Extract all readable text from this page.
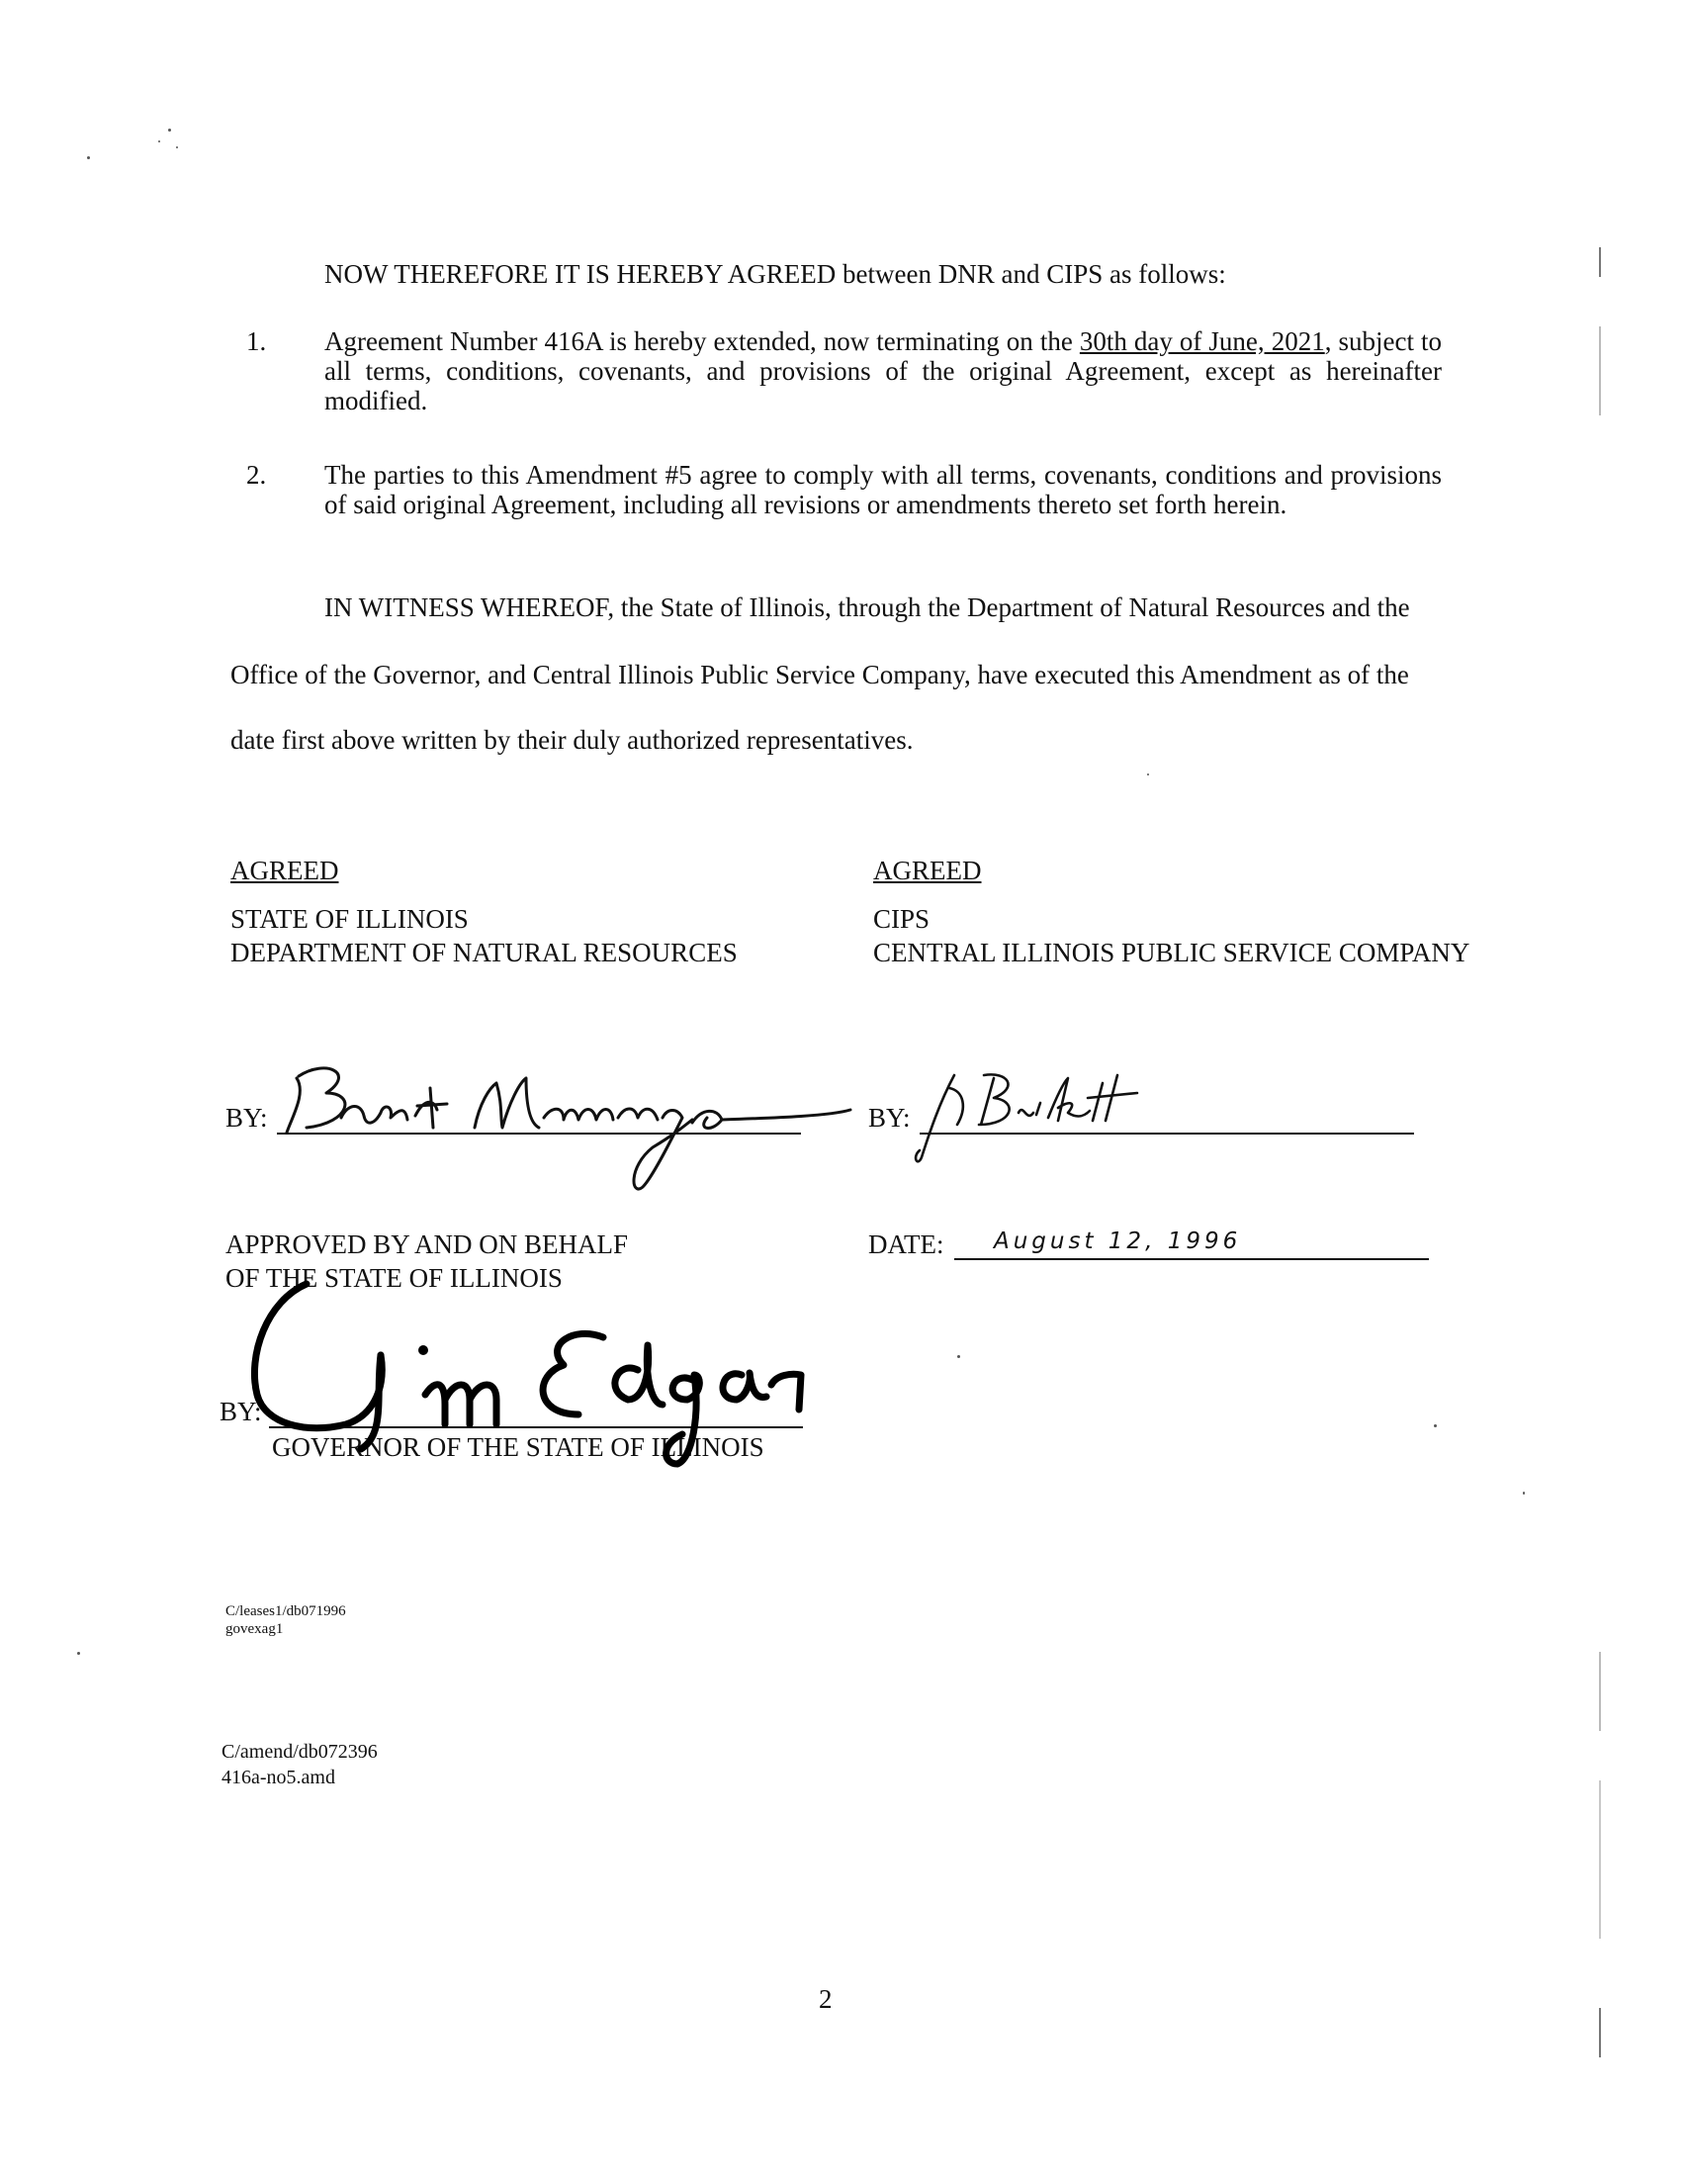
NOW THEREFORE IT IS HEREBY AGREED between DNR and CIPS as follows:
1. Agreement Number 416A is hereby extended, now terminating on the 30th day of June, 2021, subject to all terms, conditions, covenants, and provisions of the original Agreement, except as hereinafter modified.
2. The parties to this Amendment #5 agree to comply with all terms, covenants, conditions and provisions of said original Agreement, including all revisions or amendments thereto set forth herein.
IN WITNESS WHEREOF, the State of Illinois, through the Department of Natural Resources and the
Office of the Governor, and Central Illinois Public Service Company, have executed this Amendment as of the
date first above written by their duly authorized representatives.
AGREED
STATE OF ILLINOIS
DEPARTMENT OF NATURAL RESOURCES
AGREED
CIPS
CENTRAL ILLINOIS PUBLIC SERVICE COMPANY
BY:	BY:
DATE: August 12, 1996
APPROVED BY AND ON BEHALF
OF THE STATE OF ILLINOIS
BY:
GOVERNOR OF THE STATE OF ILLINOIS
C/leases1/db071996
govexag1
C/amend/db072396
416a-no5.amd
2
